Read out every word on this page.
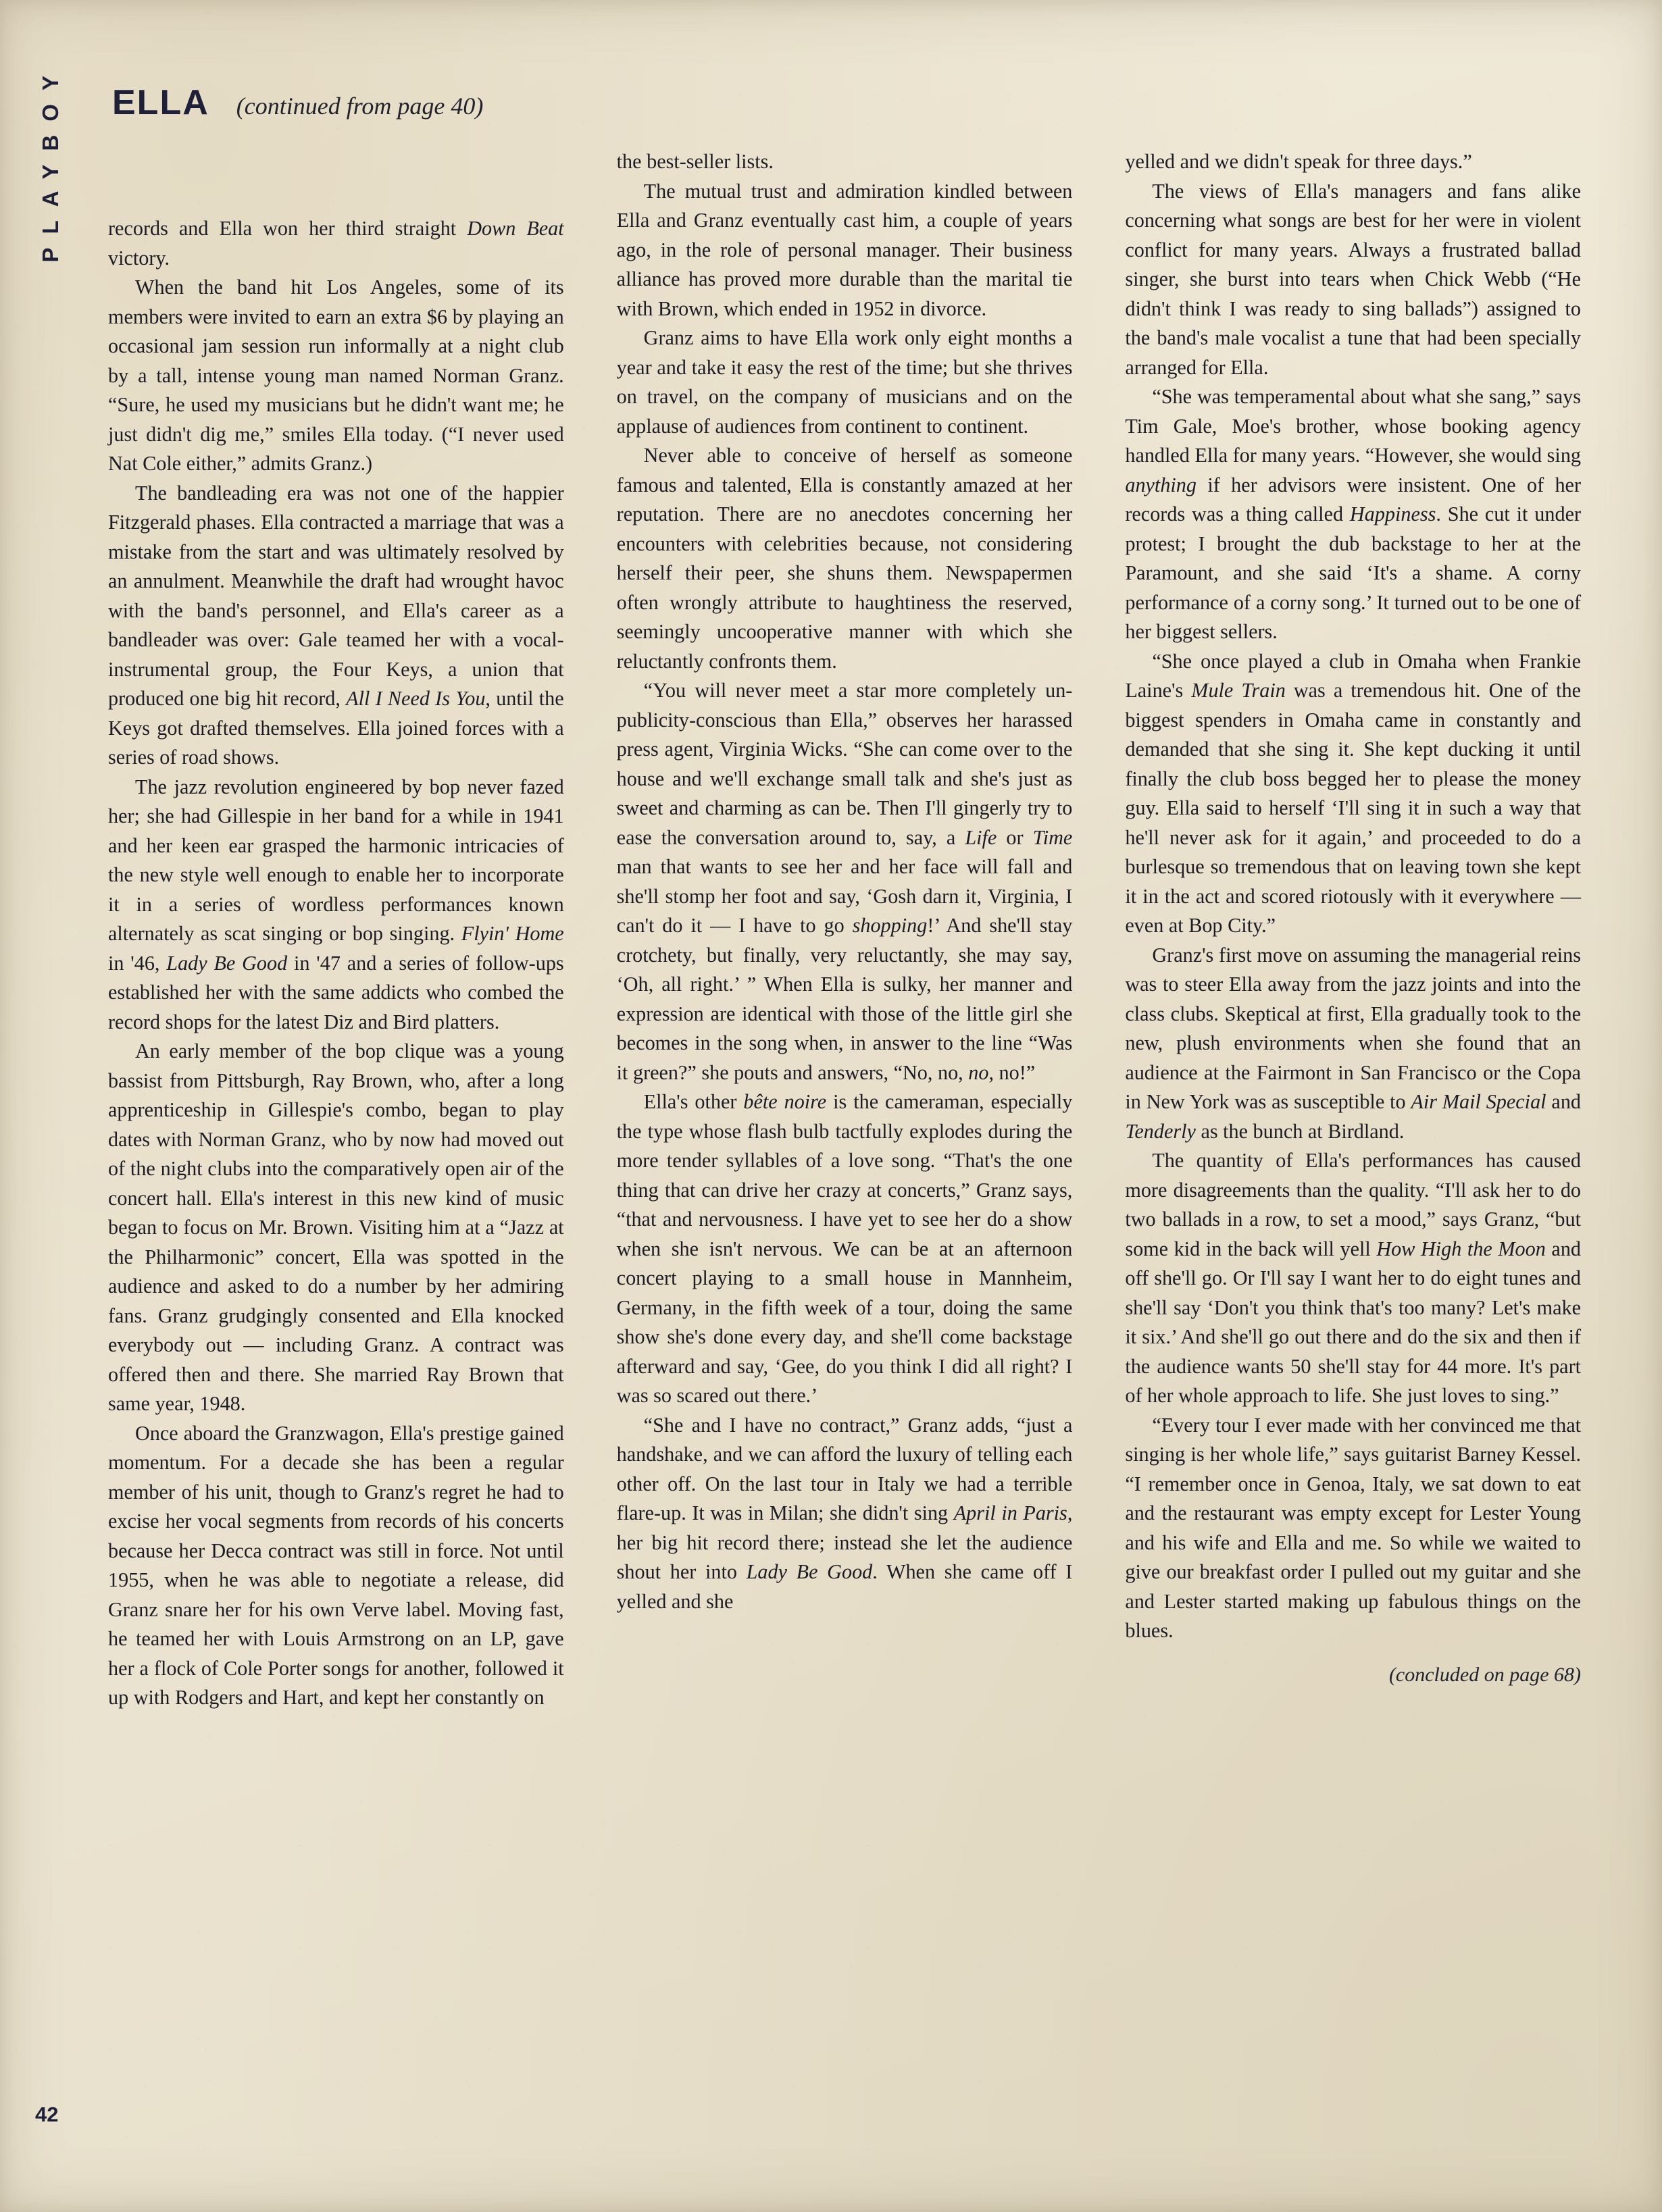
PLAYBOY ELLA (continued from page 40)

records and Ella won her third straight Down Beat victory.

When the band hit Los Angeles, some of its members were invited to earn an extra $6 by playing an occasional jam session run informally at a night club by a tall, intense young man named Norman Granz. “Sure, he used my musicians but he didn't want me; he just didn't dig me,” smiles Ella today. (“I never used Nat Cole either,” admits Granz.)

The bandleading era was not one of the happier Fitzgerald phases. Ella contracted a marriage that was a mistake from the start and was ultimately resolved by an annulment. Meanwhile the draft had wrought havoc with the band's personnel, and Ella's career as a bandleader was over: Gale teamed her with a vocal-instrumental group, the Four Keys, a union that produced one big hit record, All I Need Is You, until the Keys got drafted themselves. Ella joined forces with a series of road shows.

The jazz revolution engineered by bop never fazed her; she had Gillespie in her band for a while in 1941 and her keen ear grasped the harmonic intricacies of the new style well enough to enable her to incorporate it in a series of wordless performances known alternately as scat singing or bop singing. Flyin' Home in '46, Lady Be Good in '47 and a series of follow-ups established her with the same addicts who combed the record shops for the latest Diz and Bird platters.

An early member of the bop clique was a young bassist from Pittsburgh, Ray Brown, who, after a long apprenticeship in Gillespie's combo, began to play dates with Norman Granz, who by now had moved out of the night clubs into the comparatively open air of the concert hall. Ella's interest in this new kind of music began to focus on Mr. Brown. Visiting him at a “Jazz at the Philharmonic” concert, Ella was spotted in the audience and asked to do a number by her admiring fans. Granz grudgingly consented and Ella knocked everybody out — including Granz. A contract was offered then and there. She married Ray Brown that same year, 1948.

Once aboard the Granzwagon, Ella's prestige gained momentum. For a decade she has been a regular member of his unit, though to Granz's regret he had to excise her vocal segments from records of his concerts because her Decca contract was still in force. Not until 1955, when he was able to negotiate a release, did Granz snare her for his own Verve label. Moving fast, he teamed her with Louis Armstrong on an LP, gave her a flock of Cole Porter songs for another, followed it up with Rodgers and Hart, and kept her constantly on

the best-seller lists.

The mutual trust and admiration kindled between Ella and Granz eventually cast him, a couple of years ago, in the role of personal manager. Their business alliance has proved more durable than the marital tie with Brown, which ended in 1952 in divorce.

Granz aims to have Ella work only eight months a year and take it easy the rest of the time; but she thrives on travel, on the company of musicians and on the applause of audiences from continent to continent.

Never able to conceive of herself as someone famous and talented, Ella is constantly amazed at her reputation. There are no anecdotes concerning her encounters with celebrities because, not considering herself their peer, she shuns them. Newspapermen often wrongly attribute to haughtiness the reserved, seemingly uncooperative manner with which she reluctantly confronts them.

“You will never meet a star more completely un-publicity-conscious than Ella,” observes her harassed press agent, Virginia Wicks. “She can come over to the house and we'll exchange small talk and she's just as sweet and charming as can be. Then I'll gingerly try to ease the conversation around to, say, a Life or Time man that wants to see her and her face will fall and she'll stomp her foot and say, ‘Gosh darn it, Virginia, I can't do it — I have to go shopping!’ And she'll stay crotchety, but finally, very reluctantly, she may say, ‘Oh, all right.’ ” When Ella is sulky, her manner and expression are identical with those of the little girl she becomes in the song when, in answer to the line “Was it green?” she pouts and answers, “No, no, no, no!”

Ella's other bête noire is the cameraman, especially the type whose flash bulb tactfully explodes during the more tender syllables of a love song. “That's the one thing that can drive her crazy at concerts,” Granz says, “that and nervousness. I have yet to see her do a show when she isn't nervous. We can be at an afternoon concert playing to a small house in Mannheim, Germany, in the fifth week of a tour, doing the same show she's done every day, and she'll come backstage afterward and say, ‘Gee, do you think I did all right? I was so scared out there.’

“She and I have no contract,” Granz adds, “just a handshake, and we can afford the luxury of telling each other off. On the last tour in Italy we had a terrible flare-up. It was in Milan; she didn't sing April in Paris, her big hit record there; instead she let the audience shout her into Lady Be Good. When she came off I yelled and she

yelled and we didn't speak for three days.”

The views of Ella's managers and fans alike concerning what songs are best for her were in violent conflict for many years. Always a frustrated ballad singer, she burst into tears when Chick Webb (“He didn't think I was ready to sing ballads”) assigned to the band's male vocalist a tune that had been specially arranged for Ella.

“She was temperamental about what she sang,” says Tim Gale, Moe's brother, whose booking agency handled Ella for many years. “However, she would sing anything if her advisors were insistent. One of her records was a thing called Happiness. She cut it under protest; I brought the dub backstage to her at the Paramount, and she said ‘It's a shame. A corny performance of a corny song.’ It turned out to be one of her biggest sellers.

“She once played a club in Omaha when Frankie Laine's Mule Train was a tremendous hit. One of the biggest spenders in Omaha came in constantly and demanded that she sing it. She kept ducking it until finally the club boss begged her to please the money guy. Ella said to herself ‘I'll sing it in such a way that he'll never ask for it again,’ and proceeded to do a burlesque so tremendous that on leaving town she kept it in the act and scored riotously with it everywhere — even at Bop City.”

Granz's first move on assuming the managerial reins was to steer Ella away from the jazz joints and into the class clubs. Skeptical at first, Ella gradually took to the new, plush environments when she found that an audience at the Fairmont in San Francisco or the Copa in New York was as susceptible to Air Mail Special and Tenderly as the bunch at Birdland.

The quantity of Ella's performances has caused more disagreements than the quality. “I'll ask her to do two ballads in a row, to set a mood,” says Granz, “but some kid in the back will yell How High the Moon and off she'll go. Or I'll say I want her to do eight tunes and she'll say ‘Don't you think that's too many? Let's make it six.’ And she'll go out there and do the six and then if the audience wants 50 she'll stay for 44 more. It's part of her whole approach to life. She just loves to sing.”

“Every tour I ever made with her convinced me that singing is her whole life,” says guitarist Barney Kessel. “I remember once in Genoa, Italy, we sat down to eat and the restaurant was empty except for Lester Young and his wife and Ella and me. So while we waited to give our breakfast order I pulled out my guitar and she and Lester started making up fabulous things on the blues.

(concluded on page 68)
42
